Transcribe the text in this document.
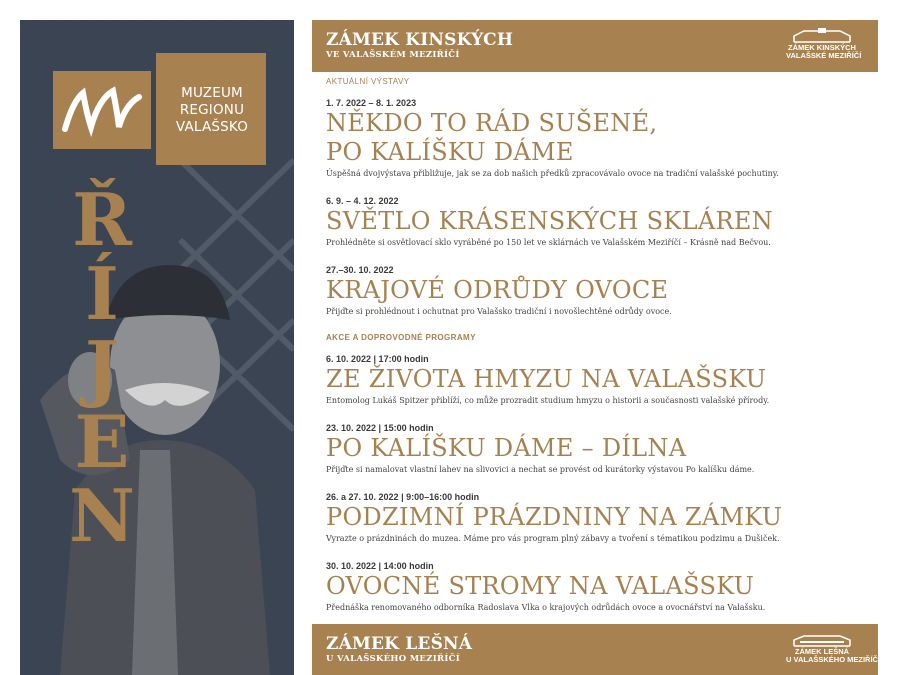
MUZEUM
REGIONU
VALAŠSKO
Ř
Í
J
E
N
ZÁMEK KINSKÝCH
VE VALAŠSKÉM MEZIŘÍČÍ
ZÁMEK KINSKÝCH
VALAŠSKÉ MEZIŘÍČÍ
AKTUÁLNÍ VÝSTAVY
1. 7. 2022 – 8. 1. 2023
NĚKDO TO RÁD SUŠENÉ,
PO KALÍŠKU DÁME
Úspěšná dvojvýstava přibližuje, jak se za dob našich předků zpracovávalo ovoce na tradiční valašské pochutiny.
6. 9. – 4. 12. 2022
SVĚTLO KRÁSENSKÝCH SKLÁREN
Prohlédněte si osvětlovací sklo vyráběné po 150 let ve sklárnách ve Valašském Meziříčí – Krásně nad Bečvou.
27.–30. 10. 2022
KRAJOVÉ ODRŮDY OVOCE
Přijďte si prohlédnout i ochutnat pro Valašsko tradiční i novošlechtěné odrůdy ovoce.
AKCE A DOPROVODNÉ PROGRAMY
6. 10. 2022 | 17:00 hodin
ZE ŽIVOTA HMYZU NA VALAŠSKU
Entomolog Lukáš Spitzer přiblíží, co může prozradit studium hmyzu o historii a současnosti valašské přírody.
23. 10. 2022 | 15:00 hodin
PO KALÍŠKU DÁME – DÍLNA
Přijďte si namalovat vlastní lahev na slivovici a nechat se provést od kurátorky výstavou Po kalíšku dáme.
26. a 27. 10. 2022 | 9:00–16:00 hodin
PODZIMNÍ PRÁZDNINY NA ZÁMKU
Vyrazte o prázdninách do muzea. Máme pro vás program plný zábavy a tvoření s tématikou podzimu a Dušiček.
30. 10. 2022 | 14:00 hodin
OVOCNÉ STROMY NA VALAŠSKU
Přednáška renomovaného odborníka Radoslava Vlka o krajových odrůdách ovoce a ovocnářství na Valašsku.
ZÁMEK LEŠNÁ
U VALAŠSKÉHO MEZIŘÍČÍ
ZÁMEK LEŠNÁ
U VALAŠSKÉHO MEZIŘÍČÍ
